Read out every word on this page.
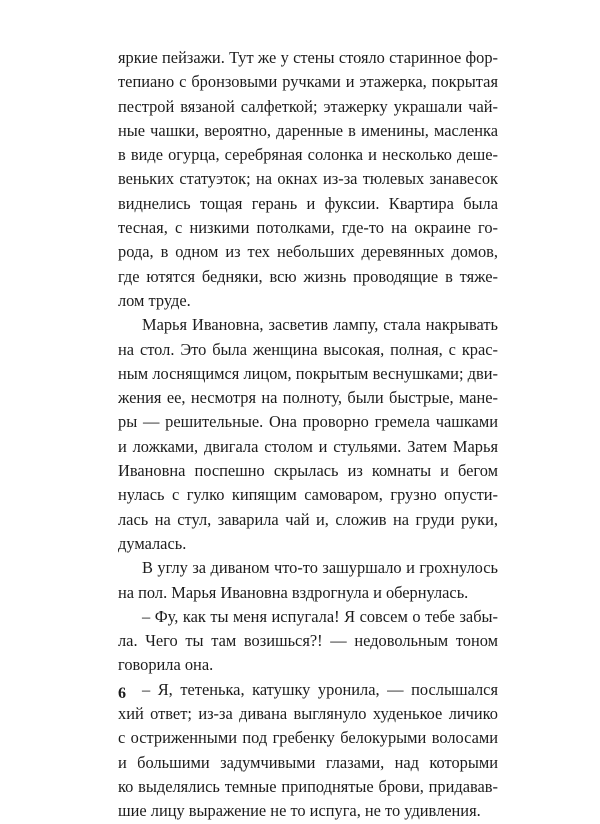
яркие пейзажи. Тут же у стены стояло старинное фор-
тепиано с бронзовыми ручками и этажерка, покрытая
пестрой вязаной салфеткой; этажерку украшали чай-
ные чашки, вероятно, даренные в именины, масленка
в виде огурца, серебряная солонка и несколько деше-
веньких статуэток; на окнах из-за тюлевых занавесок
виднелись тощая герань и фуксии. Квартира была
тесная, с низкими потолками, где-то на окраине го-
рода, в одном из тех небольших деревянных домов,
где ютятся бедняки, всю жизнь проводящие в тяже-
лом труде.
Марья Ивановна, засветив лампу, стала накрывать
на стол. Это была женщина высокая, полная, с крас-
ным лоснящимся лицом, покрытым веснушками; дви-
жения ее, несмотря на полноту, были быстрые, мане-
ры — решительные. Она проворно гремела чашками
и ложками, двигала столом и стульями. Затем Марья
Ивановна поспешно скрылась из комнаты и бегом
нулась с гулко кипящим самоваром, грузно опусти-
лась на стул, заварила чай и, сложив на груди руки,
думалась.
В углу за диваном что-то зашуршало и грохнулось
на пол. Марья Ивановна вздрогнула и обернулась.
– Фу, как ты меня испугала! Я совсем о тебе забы-
ла. Чего ты там возишься?! — недовольным тоном
говорила она.
– Я, тетенька, катушку уронила, — послышался
хий ответ; из-за дивана выглянуло худенькое личико
с остриженными под гребенку белокурыми волосами
и большими задумчивыми глазами, над которыми
ко выделялись темные приподнятые брови, придавав-
шие лицу выражение не то испуга, не то удивления.
6
